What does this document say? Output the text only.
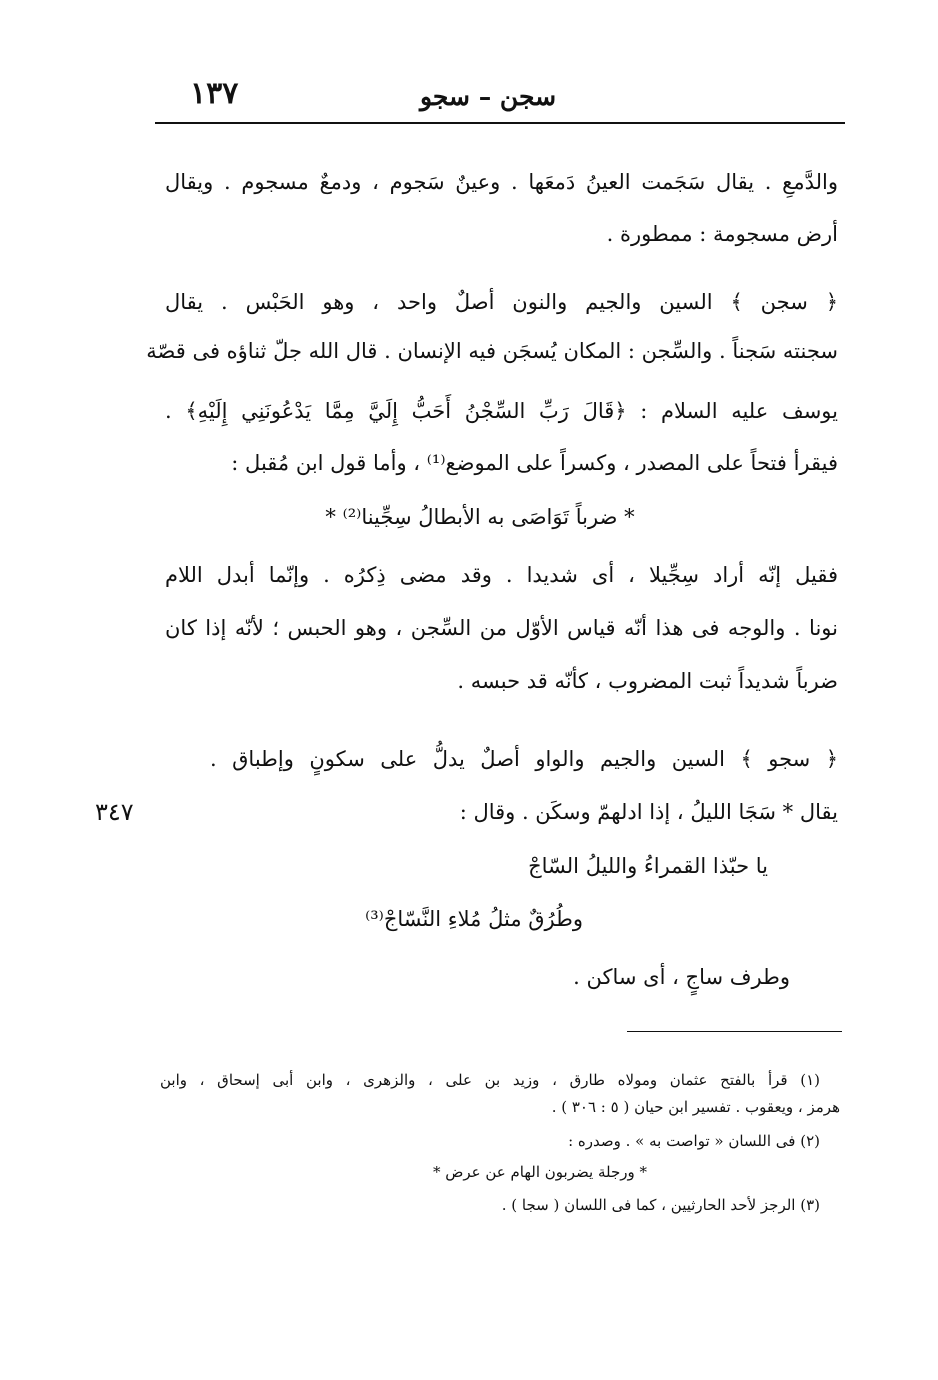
١٣٧	سجن – سجو
٣٤٧
والدَّمعِ . يقال سَجَمت العينُ دَمعَها . وعينٌ سَجوم ، ودمعٌ مسجوم . ويقال
أرض مسجومة : ممطورة .
﴿ سجن ﴾ السين والجيم والنون أصلٌ واحد ، وهو الحَبْس . يقال
سجنته سَجناً . والسِّجن : المكان يُسجَن فيه الإنسان . قال الله جلّ ثناؤه فى قصّة
يوسف عليه السلام : ﴿قَالَ رَبِّ السِّجْنُ أَحَبُّ إِلَيَّ مِمَّا يَدْعُونَنِي إِلَيْهِ﴾ .
فيقرأ فتحاً على المصدر ، وكسراً على الموضع⁽¹⁾ ، وأما قول ابن مُقبل :
* ضرباً تَوَاصَى به الأبطالُ سِجِّينا⁽²⁾ *
فقيل إنّه أراد سِجِّيلا ، أى شديدا . وقد مضى ذِكرُه . وإنّما أبدل اللام
نونا . والوجه فى هذا أنّه قياس الأوّل من السِّجن ، وهو الحبس ؛ لأنّه إذا كان
ضرباً شديداً ثبت المضروب ، كأنّه قد حبسه .
﴿ سجو ﴾ السين والجيم والواو أصلٌ يدلُّ على سكونٍ وإطباق .
يقال * سَجَا الليلُ ، إذا ادلهمّ وسكَن . وقال :
يا حبّذا القمراءُ والليلُ السّاجْ
وطُرُقٌ مثلُ مُلاءِ النَّسّاجْ⁽³⁾
وطرف ساجٍ ، أى ساكن .
(١) قرأ بالفتح عثمان ومولاه طارق ، وزيد بن على ، والزهرى ، وابن أبى إسحاق ، وابن
هرمز ، ويعقوب . تفسير ابن حيان ( ٥ : ٣٠٦ ) .
(٢) فى اللسان « تواصت به » . وصدره :
* ورجلة يضربون الهام عن عرض *
(٣) الرجز لأحد الحارثيين ، كما فى اللسان ( سجا ) .
